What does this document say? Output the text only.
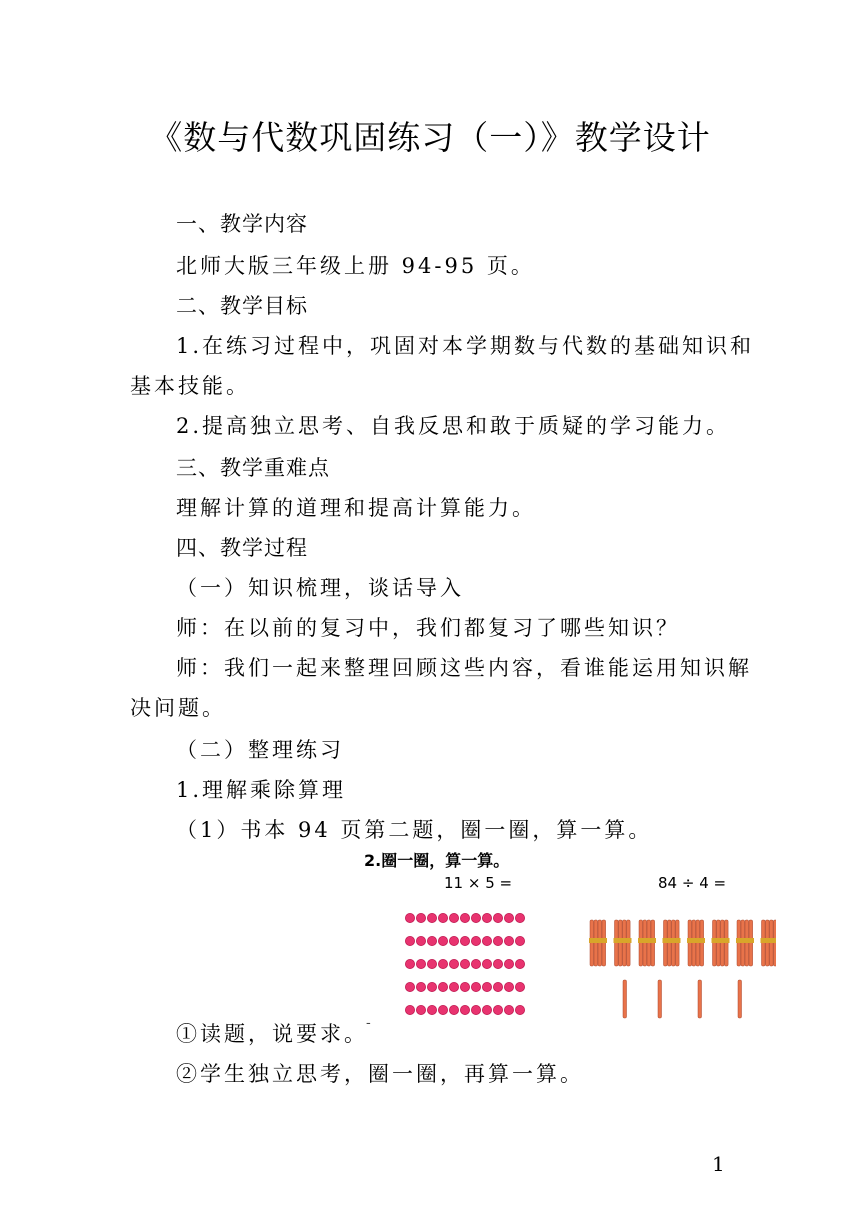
《数与代数巩固练习（一）》教学设计
一、教学内容
北师大版三年级上册 94-95 页。
二、教学目标
1.在练习过程中，巩固对本学期数与代数的基础知识和
基本技能。
2.提高独立思考、自我反思和敢于质疑的学习能力。
三、教学重难点
理解计算的道理和提高计算能力。
四、教学过程
（一）知识梳理，谈话导入
师：在以前的复习中，我们都复习了哪些知识？
师：我们一起来整理回顾这些内容，看谁能运用知识解
决问题。
（二）整理练习
1.理解乘除算理
（1）书本 94 页第二题，圈一圈，算一算。
2.圈一圈，算一算。
11 × 5 =	84 ÷ 4 =
-
①读题，说要求。
②学生独立思考，圈一圈，再算一算。
1
